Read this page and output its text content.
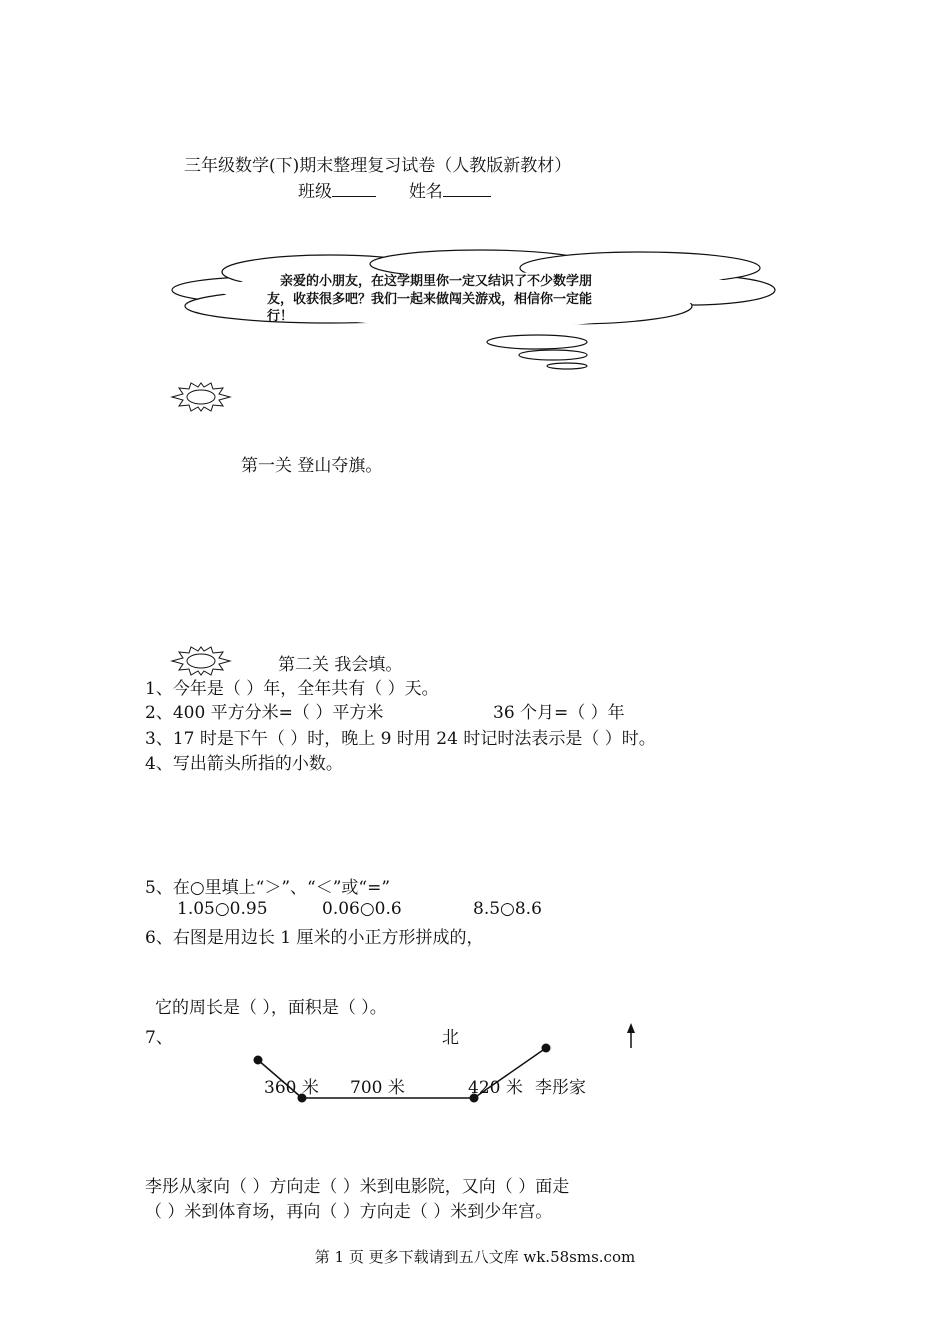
三年级数学(下)期末整理复习试卷（人教版新教材）
班级	姓名
亲爱的小朋友，在这学期里你一定又结识了不少数学朋
友，收获很多吧？我们一起来做闯关游戏，相信你一定能
行！
第一关 登山夺旗。
第二关 我会填。
1、今年是（ ）年，全年共有（ ）天。
2、400 平方分米=（ ）平方米	36 个月=（ ）年
3、17 时是下午（ ）时，晚上 9 时用 24 时记时法表示是（ ）时。
4、写出箭头所指的小数。
5、在○里填上“＞”、“＜”或“=”
1.05○0.95	0.06○0.6	8.5○8.6
6、右图是用边长 1 厘米的小正方形拼成的，
它的周长是（ ），面积是（ ）。
7、	北
360 米 700 米	420 米 李彤家
李彤从家向（ ）方向走（ ）米到电影院，又向（ ）面走
（ ）米到体育场，再向（ ）方向走（ ）米到少年宫。
第 1 页 更多下载请到五八文库 wk.58sms.com
